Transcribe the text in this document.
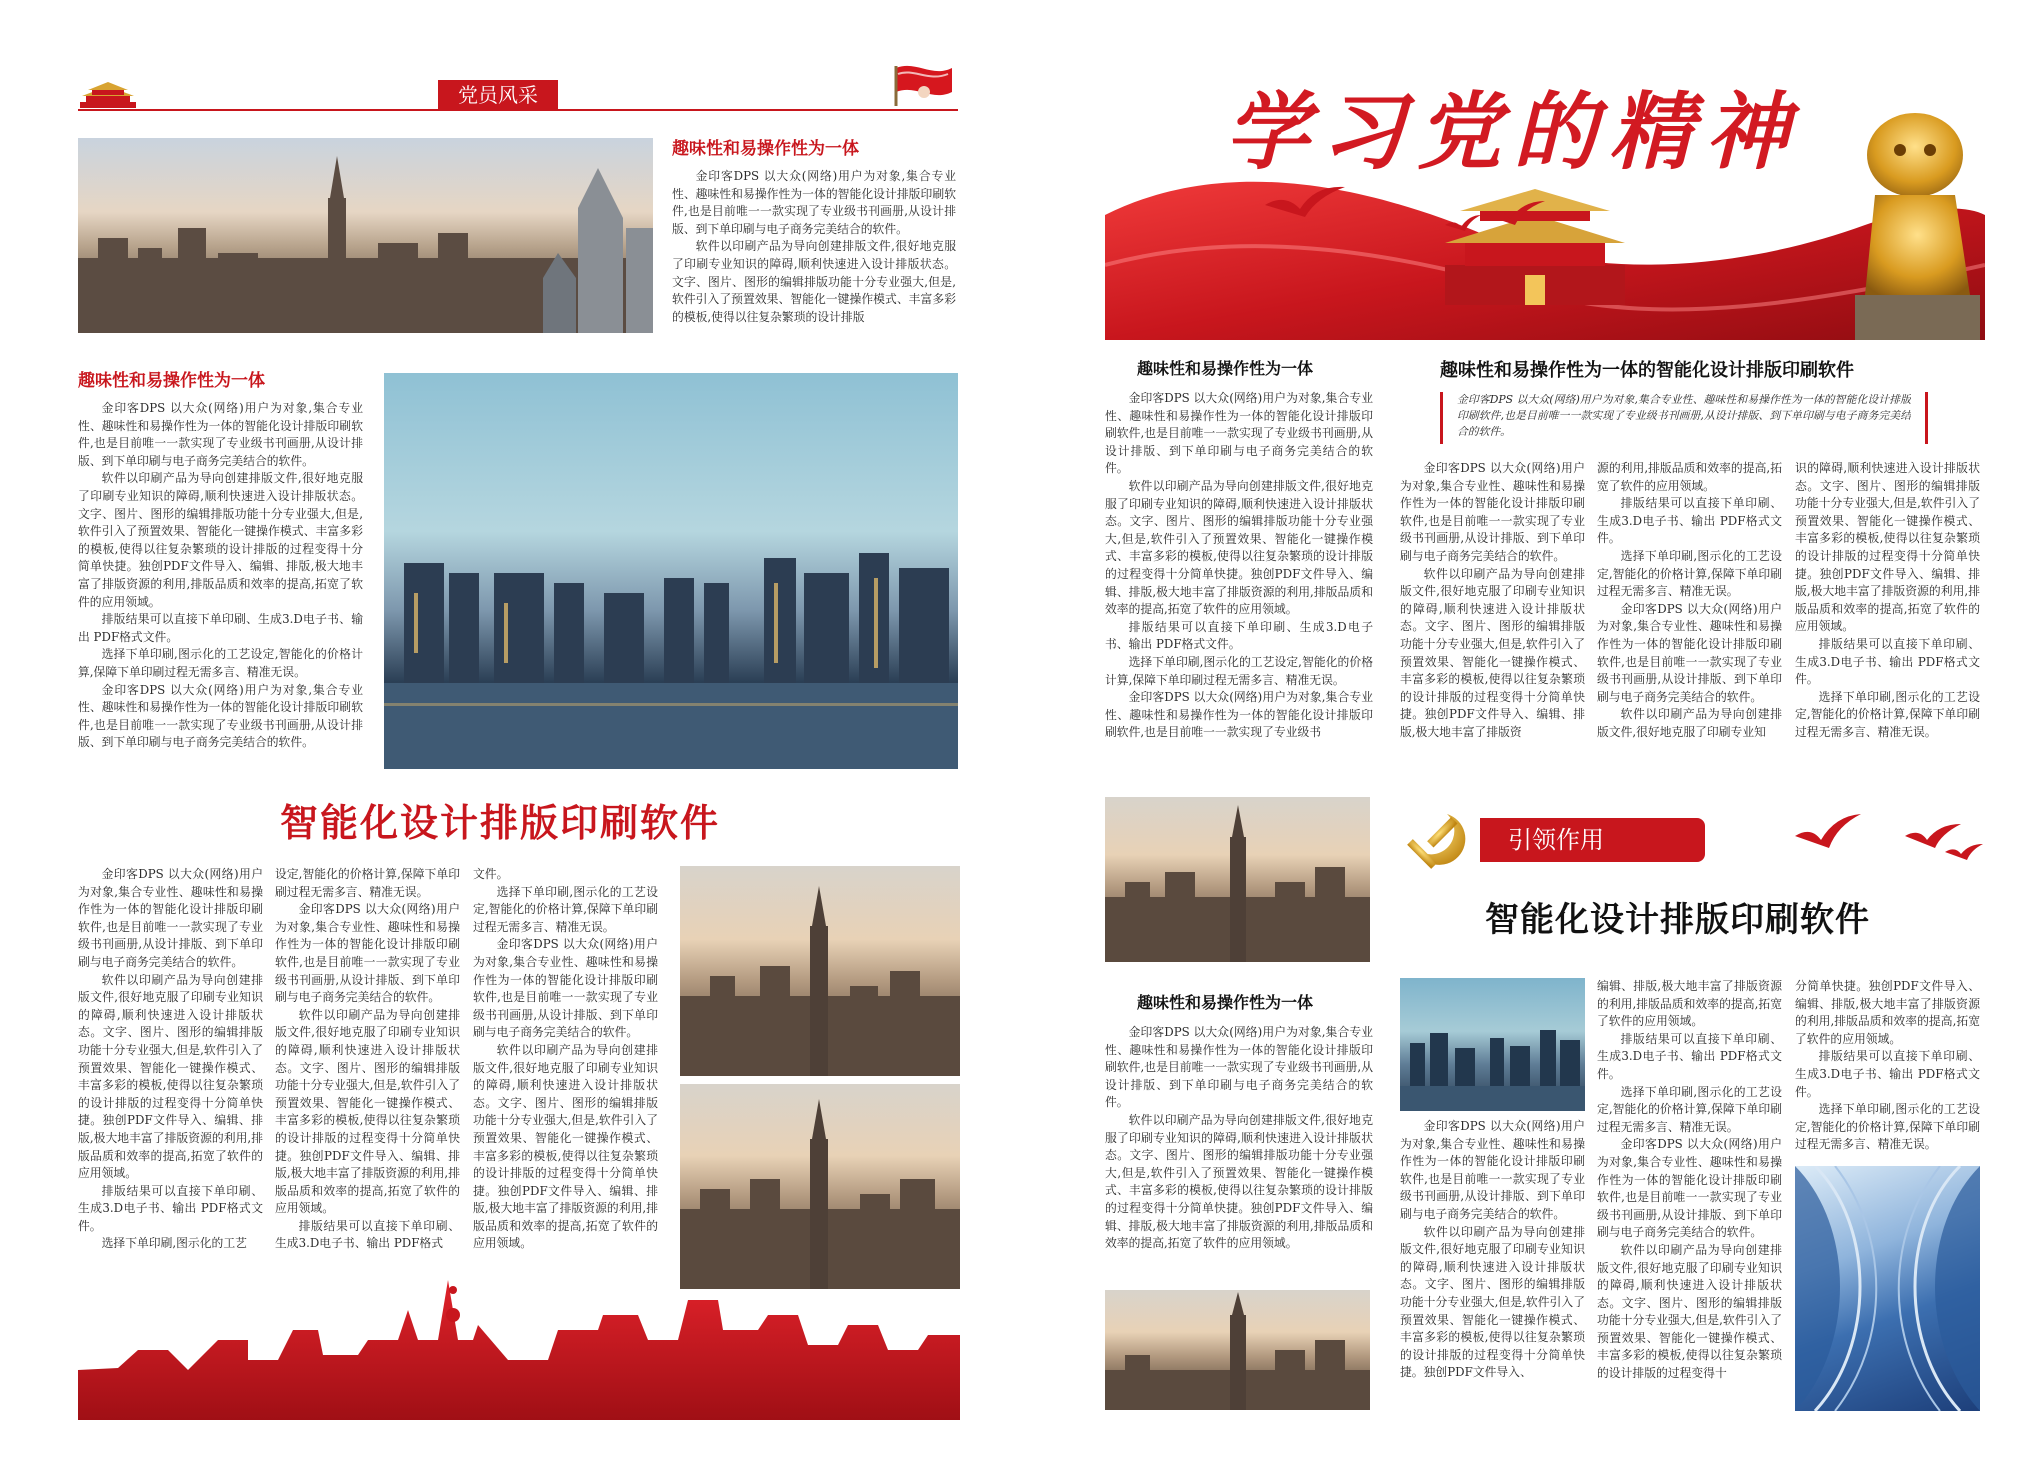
党员风采
趣味性和易操作性为一体

金印客DPS 以大众(网络)用户为对象,集合专业性、趣味性和易操作性为一体的智能化设计排版印刷软件,也是目前唯一一款实现了专业级书刊画册,从设计排版、到下单印刷与电子商务完美结合的软件。

软件以印刷产品为导向创建排版文件,很好地克服了印刷专业知识的障碍,顺利快速进入设计排版状态。文字、图片、图形的编辑排版功能十分专业强大,但是,软件引入了预置效果、智能化一键操作模式、丰富多彩的模板,使得以往复杂繁琐的设计排版

趣味性和易操作性为一体

金印客DPS 以大众(网络)用户为对象,集合专业性、趣味性和易操作性为一体的智能化设计排版印刷软件,也是目前唯一一款实现了专业级书刊画册,从设计排版、到下单印刷与电子商务完美结合的软件。

软件以印刷产品为导向创建排版文件,很好地克服了印刷专业知识的障碍,顺利快速进入设计排版状态。文字、图片、图形的编辑排版功能十分专业强大,但是,软件引入了预置效果、智能化一键操作模式、丰富多彩的模板,使得以往复杂繁琐的设计排版的过程变得十分简单快捷。独创PDF文件导入、编辑、排版,极大地丰富了排版资源的利用,排版品质和效率的提高,拓宽了软件的应用领域。

排版结果可以直接下单印刷、生成3.D电子书、输出 PDF格式文件。

选择下单印刷,图示化的工艺设定,智能化的价格计算,保障下单印刷过程无需多言、精准无误。

金印客DPS 以大众(网络)用户为对象,集合专业性、趣味性和易操作性为一体的智能化设计排版印刷软件,也是目前唯一一款实现了专业级书刊画册,从设计排版、到下单印刷与电子商务完美结合的软件。

智能化设计排版印刷软件

金印客DPS 以大众(网络)用户为对象,集合专业性、趣味性和易操作性为一体的智能化设计排版印刷软件,也是目前唯一一款实现了专业级书刊画册,从设计排版、到下单印刷与电子商务完美结合的软件。

软件以印刷产品为导向创建排版文件,很好地克服了印刷专业知识的障碍,顺利快速进入设计排版状态。文字、图片、图形的编辑排版功能十分专业强大,但是,软件引入了预置效果、智能化一键操作模式、丰富多彩的模板,使得以往复杂繁琐的设计排版的过程变得十分简单快捷。独创PDF文件导入、编辑、排版,极大地丰富了排版资源的利用,排版品质和效率的提高,拓宽了软件的应用领域。

排版结果可以直接下单印刷、生成3.D电子书、输出 PDF格式文件。

选择下单印刷,图示化的工艺

设定,智能化的价格计算,保障下单印刷过程无需多言、精准无误。

金印客DPS 以大众(网络)用户为对象,集合专业性、趣味性和易操作性为一体的智能化设计排版印刷软件,也是目前唯一一款实现了专业级书刊画册,从设计排版、到下单印刷与电子商务完美结合的软件。

软件以印刷产品为导向创建排版文件,很好地克服了印刷专业知识的障碍,顺利快速进入设计排版状态。文字、图片、图形的编辑排版功能十分专业强大,但是,软件引入了预置效果、智能化一键操作模式、丰富多彩的模板,使得以往复杂繁琐的设计排版的过程变得十分简单快捷。独创PDF文件导入、编辑、排版,极大地丰富了排版资源的利用,排版品质和效率的提高,拓宽了软件的应用领域。

排版结果可以直接下单印刷、生成3.D电子书、输出 PDF格式

文件。

选择下单印刷,图示化的工艺设定,智能化的价格计算,保障下单印刷过程无需多言、精准无误。

金印客DPS 以大众(网络)用户为对象,集合专业性、趣味性和易操作性为一体的智能化设计排版印刷软件,也是目前唯一一款实现了专业级书刊画册,从设计排版、到下单印刷与电子商务完美结合的软件。

软件以印刷产品为导向创建排版文件,很好地克服了印刷专业知识的障碍,顺利快速进入设计排版状态。文字、图片、图形的编辑排版功能十分专业强大,但是,软件引入了预置效果、智能化一键操作模式、丰富多彩的模板,使得以往复杂繁琐的设计排版的过程变得十分简单快捷。独创PDF文件导入、编辑、排版,极大地丰富了排版资源的利用,排版品质和效率的提高,拓宽了软件的应用领域。

学习党的精神
趣味性和易操作性为一体

金印客DPS 以大众(网络)用户为对象,集合专业性、趣味性和易操作性为一体的智能化设计排版印刷软件,也是目前唯一一款实现了专业级书刊画册,从设计排版、到下单印刷与电子商务完美结合的软件。

软件以印刷产品为导向创建排版文件,很好地克服了印刷专业知识的障碍,顺利快速进入设计排版状态。文字、图片、图形的编辑排版功能十分专业强大,但是,软件引入了预置效果、智能化一键操作模式、丰富多彩的模板,使得以往复杂繁琐的设计排版的过程变得十分简单快捷。独创PDF文件导入、编辑、排版,极大地丰富了排版资源的利用,排版品质和效率的提高,拓宽了软件的应用领域。

排版结果可以直接下单印刷、生成3.D电子书、输出 PDF格式文件。

选择下单印刷,图示化的工艺设定,智能化的价格计算,保障下单印刷过程无需多言、精准无误。

金印客DPS 以大众(网络)用户为对象,集合专业性、趣味性和易操作性为一体的智能化设计排版印刷软件,也是目前唯一一款实现了专业级书

趣味性和易操作性为一体的智能化设计排版印刷软件
金印客DPS 以大众(网络)用户为对象,集合专业性、趣味性和易操作性为一体的智能化设计排版印刷软件,也是目前唯一一款实现了专业级书刊画册,从设计排版、到下单印刷与电子商务完美结合的软件。

金印客DPS 以大众(网络)用户为对象,集合专业性、趣味性和易操作性为一体的智能化设计排版印刷软件,也是目前唯一一款实现了专业级书刊画册,从设计排版、到下单印刷与电子商务完美结合的软件。

软件以印刷产品为导向创建排版文件,很好地克服了印刷专业知识的障碍,顺利快速进入设计排版状态。文字、图片、图形的编辑排版功能十分专业强大,但是,软件引入了预置效果、智能化一键操作模式、丰富多彩的模板,使得以往复杂繁琐的设计排版的过程变得十分简单快捷。独创PDF文件导入、编辑、排版,极大地丰富了排版资

源的利用,排版品质和效率的提高,拓宽了软件的应用领域。

排版结果可以直接下单印刷、生成3.D电子书、输出 PDF格式文件。

选择下单印刷,图示化的工艺设定,智能化的价格计算,保障下单印刷过程无需多言、精准无误。

金印客DPS 以大众(网络)用户为对象,集合专业性、趣味性和易操作性为一体的智能化设计排版印刷软件,也是目前唯一一款实现了专业级书刊画册,从设计排版、到下单印刷与电子商务完美结合的软件。

软件以印刷产品为导向创建排版文件,很好地克服了印刷专业知

识的障碍,顺利快速进入设计排版状态。文字、图片、图形的编辑排版功能十分专业强大,但是,软件引入了预置效果、智能化一键操作模式、丰富多彩的模板,使得以往复杂繁琐的设计排版的过程变得十分简单快捷。独创PDF文件导入、编辑、排版,极大地丰富了排版资源的利用,排版品质和效率的提高,拓宽了软件的应用领域。

排版结果可以直接下单印刷、生成3.D电子书、输出 PDF格式文件。

选择下单印刷,图示化的工艺设定,智能化的价格计算,保障下单印刷过程无需多言、精准无误。

引领作用
智能化设计排版印刷软件
趣味性和易操作性为一体

金印客DPS 以大众(网络)用户为对象,集合专业性、趣味性和易操作性为一体的智能化设计排版印刷软件,也是目前唯一一款实现了专业级书刊画册,从设计排版、到下单印刷与电子商务完美结合的软件。

软件以印刷产品为导向创建排版文件,很好地克服了印刷专业知识的障碍,顺利快速进入设计排版状态。文字、图片、图形的编辑排版功能十分专业强大,但是,软件引入了预置效果、智能化一键操作模式、丰富多彩的模板,使得以往复杂繁琐的设计排版的过程变得十分简单快捷。独创PDF文件导入、编辑、排版,极大地丰富了排版资源的利用,排版品质和效率的提高,拓宽了软件的应用领域。

金印客DPS 以大众(网络)用户为对象,集合专业性、趣味性和易操作性为一体的智能化设计排版印刷软件,也是目前唯一一款实现了专业级书刊画册,从设计排版、到下单印刷与电子商务完美结合的软件。

软件以印刷产品为导向创建排版文件,很好地克服了印刷专业知识的障碍,顺利快速进入设计排版状态。文字、图片、图形的编辑排版功能十分专业强大,但是,软件引入了预置效果、智能化一键操作模式、丰富多彩的模板,使得以往复杂繁琐的设计排版的过程变得十分简单快捷。独创PDF文件导入、

编辑、排版,极大地丰富了排版资源的利用,排版品质和效率的提高,拓宽了软件的应用领域。

排版结果可以直接下单印刷、生成3.D电子书、输出 PDF格式文件。

选择下单印刷,图示化的工艺设定,智能化的价格计算,保障下单印刷过程无需多言、精准无误。

金印客DPS 以大众(网络)用户为对象,集合专业性、趣味性和易操作性为一体的智能化设计排版印刷软件,也是目前唯一一款实现了专业级书刊画册,从设计排版、到下单印刷与电子商务完美结合的软件。

软件以印刷产品为导向创建排版文件,很好地克服了印刷专业知识的障碍,顺利快速进入设计排版状态。文字、图片、图形的编辑排版功能十分专业强大,但是,软件引入了预置效果、智能化一键操作模式、丰富多彩的模板,使得以往复杂繁琐的设计排版的过程变得十

分简单快捷。独创PDF文件导入、编辑、排版,极大地丰富了排版资源的利用,排版品质和效率的提高,拓宽了软件的应用领域。

排版结果可以直接下单印刷、生成3.D电子书、输出 PDF格式文件。

选择下单印刷,图示化的工艺设定,智能化的价格计算,保障下单印刷过程无需多言、精准无误。
